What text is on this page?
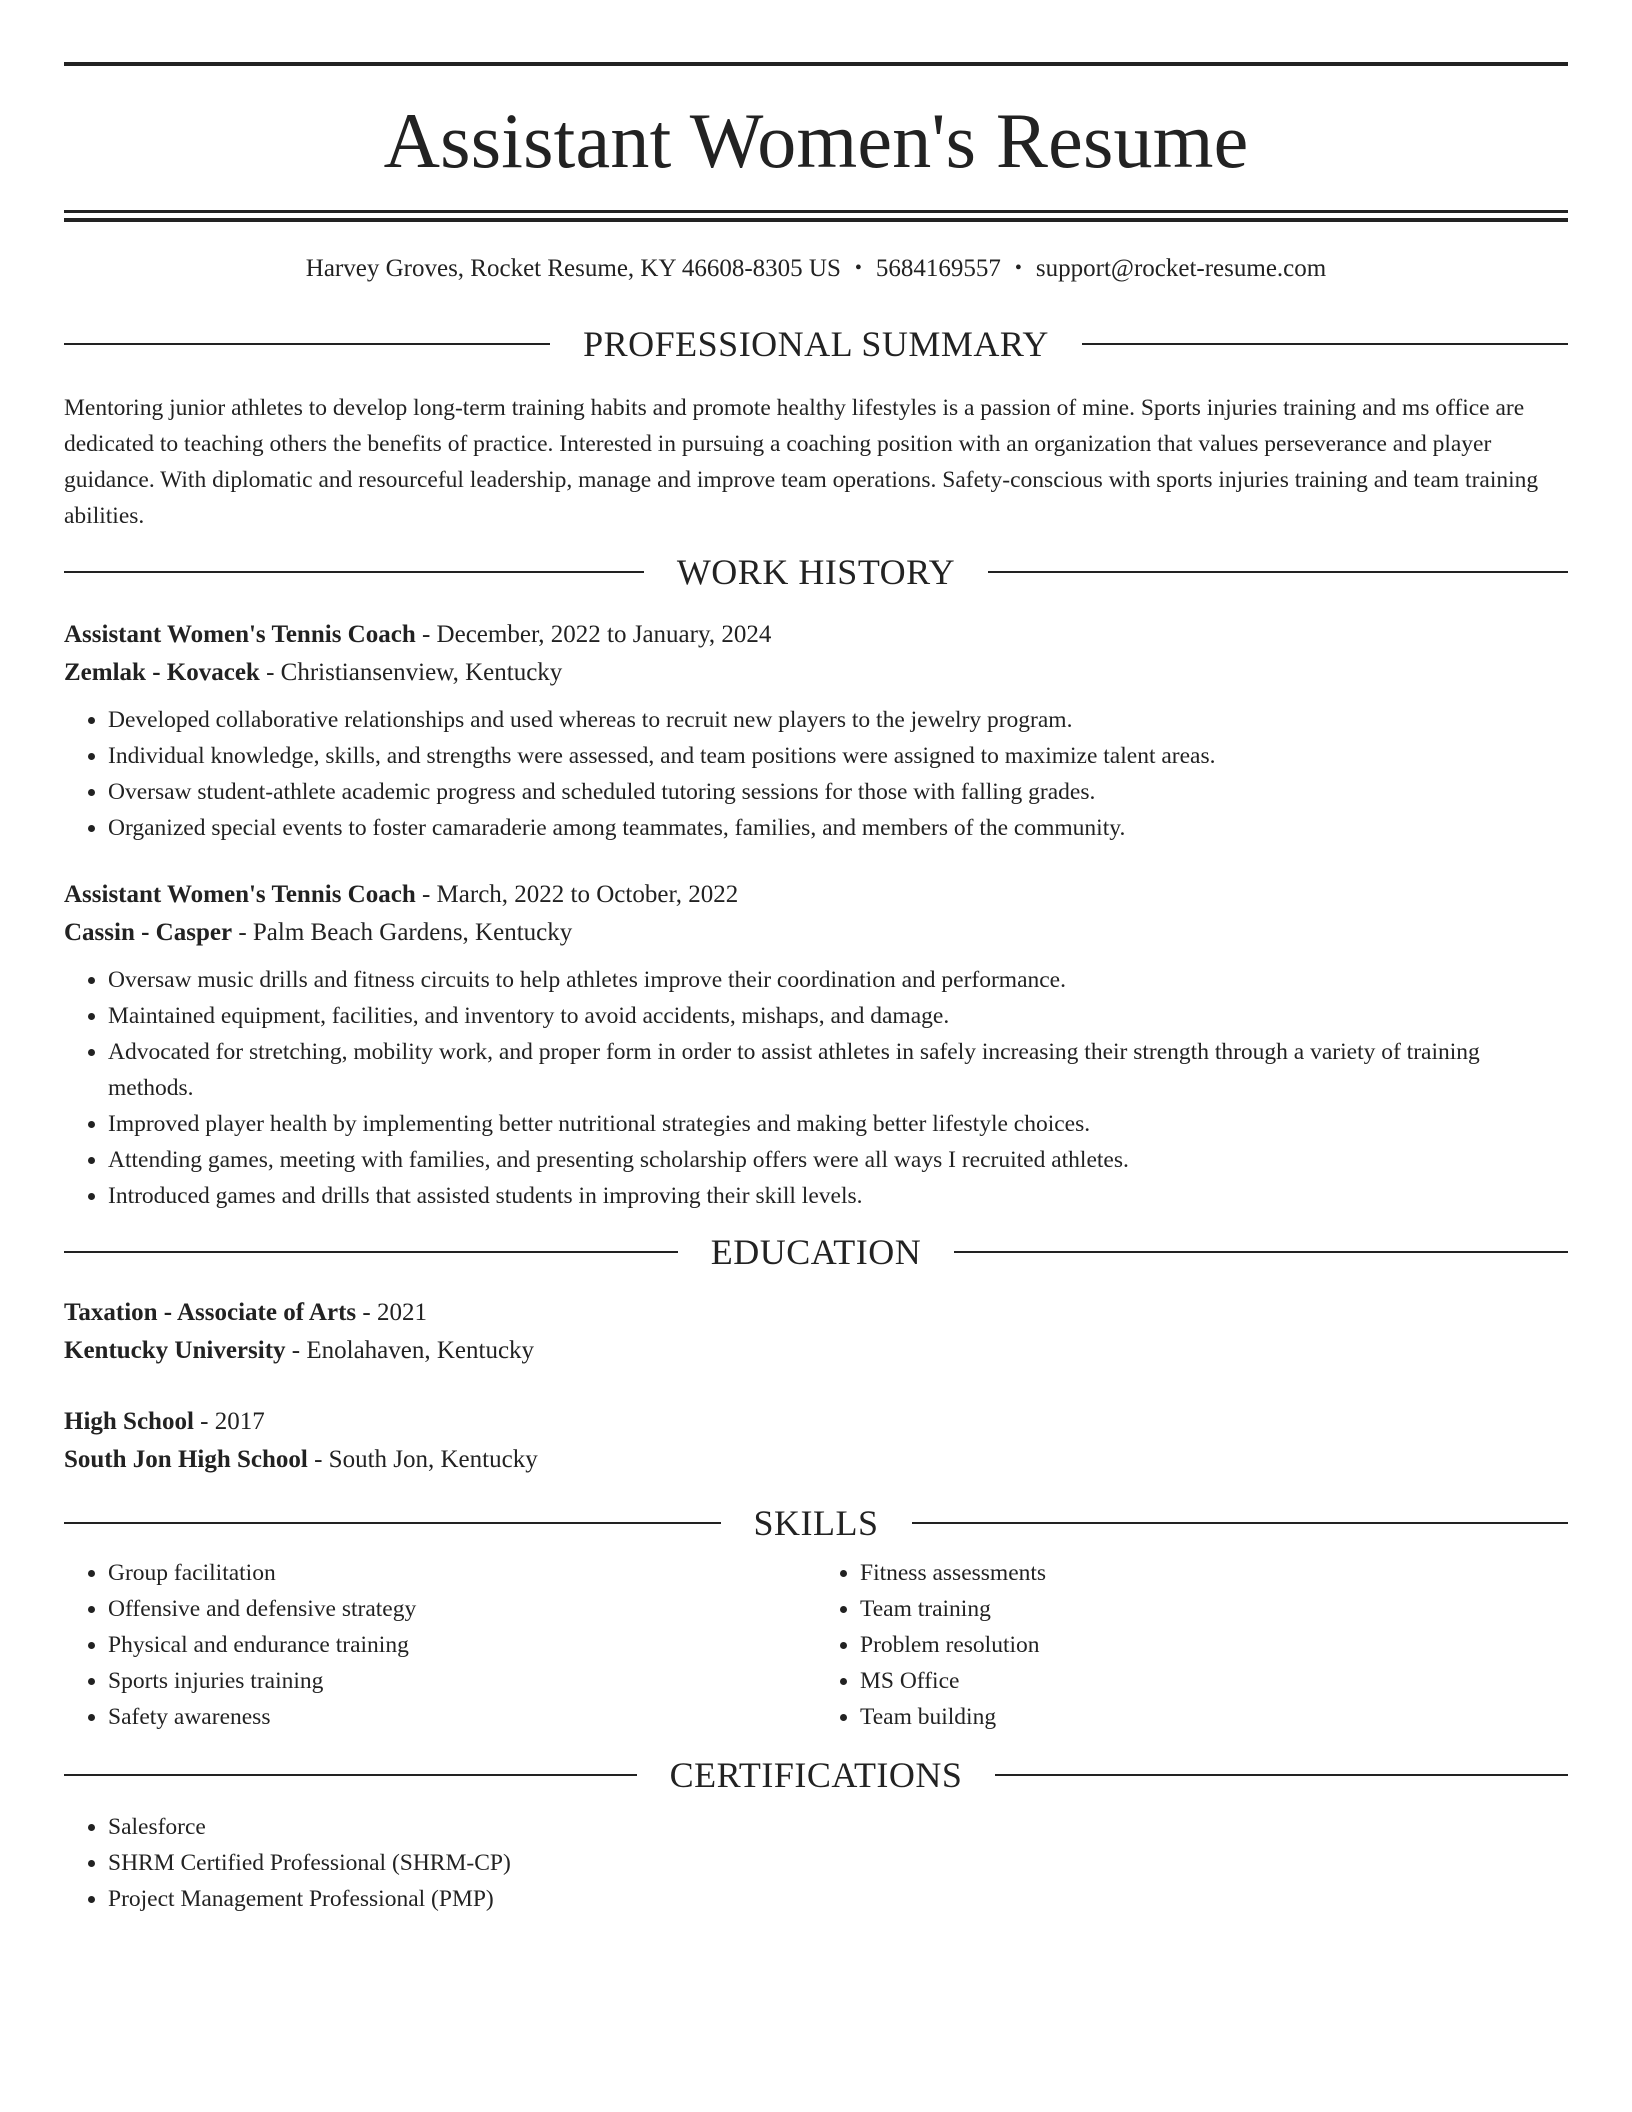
Assistant Women's Resume
Harvey Groves, Rocket Resume, KY 46608-8305 US • 5684169557 • support@rocket-resume.com
PROFESSIONAL SUMMARY
Mentoring junior athletes to develop long-term training habits and promote healthy lifestyles is a passion of mine. Sports injuries training and ms office are dedicated to teaching others the benefits of practice. Interested in pursuing a coaching position with an organization that values perseverance and player guidance. With diplomatic and resourceful leadership, manage and improve team operations. Safety-conscious with sports injuries training and team training abilities.
WORK HISTORY
Assistant Women's Tennis Coach - December, 2022 to January, 2024
Zemlak - Kovacek - Christiansenview, Kentucky
• Developed collaborative relationships and used whereas to recruit new players to the jewelry program.
• Individual knowledge, skills, and strengths were assessed, and team positions were assigned to maximize talent areas.
• Oversaw student-athlete academic progress and scheduled tutoring sessions for those with falling grades.
• Organized special events to foster camaraderie among teammates, families, and members of the community.
Assistant Women's Tennis Coach - March, 2022 to October, 2022
Cassin - Casper - Palm Beach Gardens, Kentucky
• Oversaw music drills and fitness circuits to help athletes improve their coordination and performance.
• Maintained equipment, facilities, and inventory to avoid accidents, mishaps, and damage.
• Advocated for stretching, mobility work, and proper form in order to assist athletes in safely increasing their strength through a variety of training methods.
• Improved player health by implementing better nutritional strategies and making better lifestyle choices.
• Attending games, meeting with families, and presenting scholarship offers were all ways I recruited athletes.
• Introduced games and drills that assisted students in improving their skill levels.
EDUCATION
Taxation - Associate of Arts - 2021
Kentucky University - Enolahaven, Kentucky
High School - 2017
South Jon High School - South Jon, Kentucky
SKILLS
• Group facilitation
• Offensive and defensive strategy
• Physical and endurance training
• Sports injuries training
• Safety awareness
• Fitness assessments
• Team training
• Problem resolution
• MS Office
• Team building
CERTIFICATIONS
• Salesforce
• SHRM Certified Professional (SHRM-CP)
• Project Management Professional (PMP)
